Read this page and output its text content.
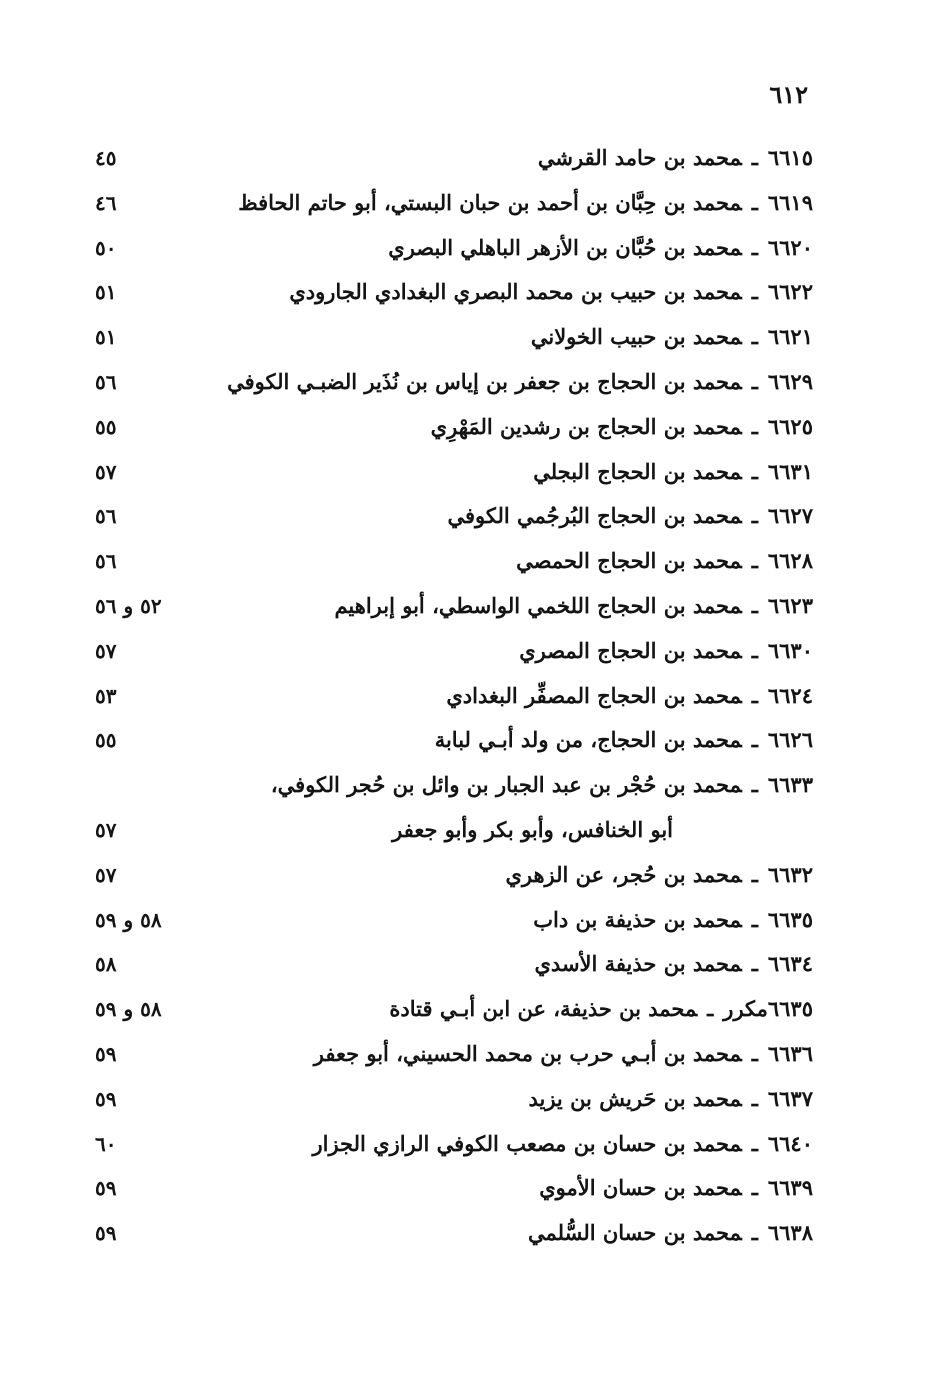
٦١٢
٦٦١٥ـمحمد بن حامد القرشي
٤٥
٦٦١٩ـمحمد بن حِبَّان بن أحمد بن حبان البستي، أبو حاتم الحافظ
٤٦
٦٦٢٠ـمحمد بن حُبَّان بن الأزهر الباهلي البصري
٥٠
٦٦٢٢ـمحمد بن حبيب بن محمد البصري البغدادي الجارودي
٥١
٦٦٢١ـمحمد بن حبيب الخولاني
٥١
٦٦٢٩ـمحمد بن الحجاج بن جعفر بن إياس بن نُذَير الضبـي الكوفي
٥٦
٦٦٢٥ـمحمد بن الحجاج بن رشدين المَهْرِي
٥٥
٦٦٣١ـمحمد بن الحجاج البجلي
٥٧
٦٦٢٧ـمحمد بن الحجاج البُرجُمي الكوفي
٥٦
٦٦٢٨ـمحمد بن الحجاج الحمصي
٥٦
٦٦٢٣ـمحمد بن الحجاج اللخمي الواسطي، أبو إبراهيم
٥٢ و ٥٦
٦٦٣٠ـمحمد بن الحجاج المصري
٥٧
٦٦٢٤ـمحمد بن الحجاج المصفِّر البغدادي
٥٣
٦٦٢٦ـمحمد بن الحجاج، من ولد أبـي لبابة
٥٥
٦٦٣٣ـمحمد بن حُجْر بن عبد الجبار بن وائل بن حُجر الكوفي،
أبو الخنافس، وأبو بكر وأبو جعفر
٥٧
٦٦٣٢ـمحمد بن حُجر، عن الزهري
٥٧
٦٦٣٥ـمحمد بن حذيفة بن داب
٥٨ و ٥٩
٦٦٣٤ـمحمد بن حذيفة الأسدي
٥٨
٦٦٣٥مكررـمحمد بن حذيفة، عن ابن أبـي قتادة
٥٨ و ٥٩
٦٦٣٦ـمحمد بن أبـي حرب بن محمد الحسيني، أبو جعفر
٥٩
٦٦٣٧ـمحمد بن حَريش بن يزيد
٥٩
٦٦٤٠ـمحمد بن حسان بن مصعب الكوفي الرازي الجزار
٦٠
٦٦٣٩ـمحمد بن حسان الأموي
٥٩
٦٦٣٨ـمحمد بن حسان السُّلمي
٥٩
